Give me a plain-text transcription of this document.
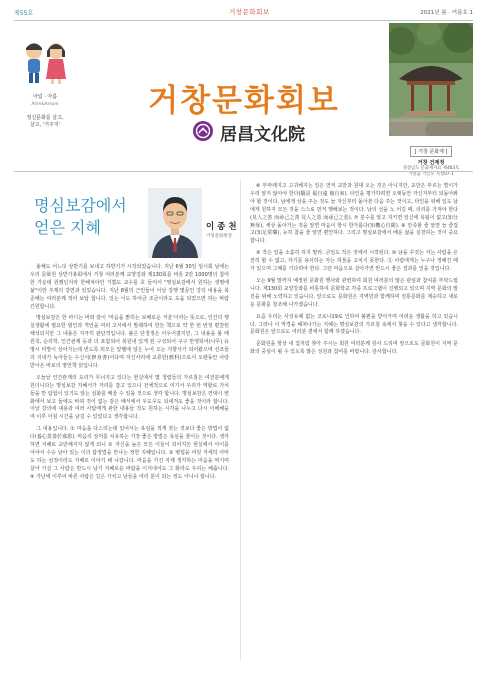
제55호	거창문화회보	2021년 봄 · 여름호 1
아림 · 아름
Arim&Areum
정신문화를 살고,
살고, '거주지'
거창문화회보
居昌文化院
[ 거창 문화재 ]
거창 건계정
경상남도 문화재자료 제463호
거창읍 거인모 지정07-1
명심보감에서
얻은 지혜	이 종 천
거창문화원장

올해도 어느덧 상반기를 보내고 하반기가 시작되었습니다. 지난 6월 30일 임시회 남에는 우리 문화원 상반기총회에서 거창 여러분께 교양강좌 제130회를 비롯 2만 1000명의 참여한 가운데 원했던지라 한해져야만 기쁨도 교수를 호 들여서 "명심보감에서 원하는 생명에 삶"이란 주제의 강연과 있었습니다. 지난 8월의 근린들이 이날 강행 몇문인 강의 내용을 북준해는 여러분께 적어 보답 합니다. 일는 이도 하여금 조금이라도 도움 되었으면 하는 바람 간원합니다.

명심보감은 한 마디는 바와 같이 '마음을 밝히는 보배로운 거울'이라는 뜻으로, 인간의 행실생활에 필요한 범인과 격언을 여러 고서에서 발췌하여 만든 책으로 약 한 번 번정 편찬된 해석되지만 그 내용은 지극히 판단적입니다. 불은 단청정은 아우어졌지만, 그 내용을 볼 때 원칙, 순리학, 인간관계 등과 더 포함되어 복원내 있게 된 구성되어 구구 반영되어(나무) 유명시 미망이 상어가는데 빈도록 외모은 앞헬에 널은 누어 오는 지향서가 되어왔으며 선조들의 지내가 녹아들는 수신서(修身書)이다며 자신사리에 교류한(敎科)으로서 오랜동안 사랑 받아온 바로의 명언책 읽입니다.

오늘날 인간관계의 도리가 무너지고 있다는 현실에서 몇 청렴들의 가르침은 여전분에게 원더니다는 명심보감 지혜서가 자리를 잡고 있으니 전체적으로 여기서 우리가 역할로 가치들을 반 탐험이 있기도 알는 심화를 배울 수 있을 것으로 생각 합니다. 명심보감은 연대시 변화에서 보고 들에도 바뀌 것이 없는 같은 배식에서 우도우도 되새겨도 좋을 것이라 합니다. 이날 강의에 내용과 여러 사람에게 관한 내용들 것도 원하는 시각을 나누고 다시 이해해을 여 이루 아침 시간을 남길 수 있었다고 생각합니다.

그 내용입니다. ① 마음을 다스리는데 있어서는 욕심을 적게 갖는 것보다 좋은 방법이 없다(養心莫善於寡慾). 마음의 상처를 치유하는 가장 좋은 방법은 욕심을 줄이는 것이다. 생각하면 지혜로 교만해지지 않게 되니 ② 자신을 높은 모든 이들이 되어지든 현실에서 아이를 아야서 수승 남아 있는 이의 탐정법을 만나는 정한 지혜입니다. ③ 병험을 여럿 자세히 아마도 하는 심정이라도 지혜로 이야기 해 나갑니다. 마음을 가진 자제 생각하는 마음을 먹기며 살아 가실 그 사람은 반드시 남기 지혜로운 바람을 이겨내어도 그 화라도 우리는 해줍니다. ④ 가난에 이루어 바른 사람은 길은 가치고 남들을 여리 분이 되는 정도 아니나 합니다.

⑥ 부마래지고 고귀해지는 일은 먼저 교만과 원대 오는 것은 아니지만, 교만은 부르는 벌이가 우리 알지 않아야 한다(驕是 福自遠 禍自來). 타인을 평가하려면 오랫동안 자신지부터 되돌아봐야 할 것이다. 남에게 상을 주는 것도 늘 자신부터 돌아본 다음 주는 것이고, 타인을 위해 일도 남에게 원하지 모든 것을 스스로 먼저 행해보는 것이다. 남의 선을 노 어길 때, 의리를 가져야 한다(見人之善 而尋己之善 見人之惡 而尋己之惡). ⑦ 분수를 알고 지키면 일신에 욕됨이 없고(知分無辱), 세상 돌아가는 것을 알면 마음이 항시 한가롭다(知機心自閑). ⑧ 만족할 줄 알면 늘 즐겁고(知足常樂), 능히 참을 줄 알면 편안하다. 그리고 명심보감에서 배운 삶을 실천하는 것이 중요합니다.

⑨ 작은 일을 소홀히 하지 말라. 큰일도 작은 것에서 시작된다. ⑩ 남을 꾸짖는 자는 사람을 온전히 할 수 없고, 자기를 용서하는 자는 허물을 고치지 못한다. ⑪ 사람에게는 누구나 정해진 때가 있으며 그때를 기다려야 한다. 그런 마음으로 살아가면 반드시 좋은 결과를 얻을 것입니다.

오는 9월 말까지 예정된 문화원 행사와 관련하여 회원 여러분의 많은 관심과 참여를 부탁드립니다. 제130회 교양강좌를 비롯하여 문화학교 각종 프로그램이 진행되고 있으며 지역 문화의 발전을 위해 노력하고 있습니다. 앞으로도 문화원은 지역민과 함께하며 전통문화를 계승하고 새로운 문화를 창조해 나가겠습니다.

요즘 우리는 사상유례 없는 코로나19로 인하여 불편을 받아가며 어려운 생활을 하고 있습니다. 그러나 이 역경을 헤쳐나가는 지혜는 명심보감의 가르침 속에서 찾을 수 있다고 생각합니다. 문화원은 앞으로도 여러분 곁에서 함께 하겠습니다.

문화원을 항상 내 집처럼 찾아 주시는 회원 여러분께 감사 드리며 앞으로도 문화원이 지역 문화의 중심이 될 수 있도록 많은 성원과 참여를 바랍니다. 감사합니다.
